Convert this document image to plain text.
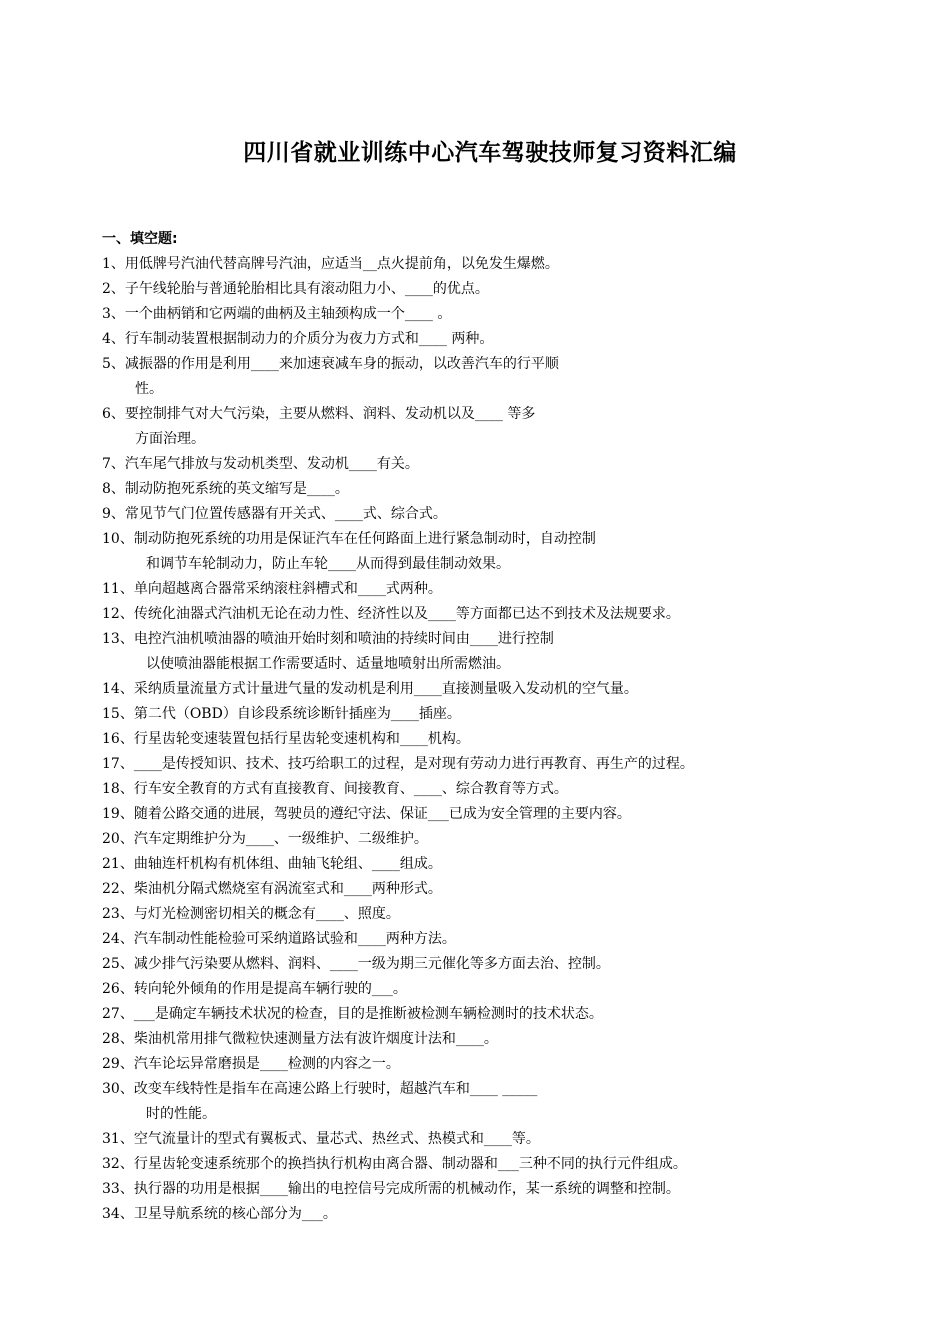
四川省就业训练中心汽车驾驶技师复习资料汇编
一、填空题:
1、用低牌号汽油代替高牌号汽油，应适当__点火提前角，以免发生爆燃。
2、子午线轮胎与普通轮胎相比具有滚动阻力小、____的优点。
3、一个曲柄销和它两端的曲柄及主轴颈构成一个____ 。
4、行车制动装置根据制动力的介质分为夜力方式和____ 两种。
5、减振器的作用是利用____来加速衰减车身的振动，以改善汽车的行平顺
性。
6、要控制排气对大气污染，主要从燃料、润料、发动机以及____ 等多
方面治理。
7、汽车尾气排放与发动机类型、发动机____有关。
8、制动防抱死系统的英文缩写是____。
9、常见节气门位置传感器有开关式、____式、综合式。
10、制动防抱死系统的功用是保证汽车在任何路面上进行紧急制动时，自动控制
和调节车轮制动力，防止车轮____从而得到最佳制动效果。
11、单向超越离合器常采纳滚柱斜槽式和____式两种。
12、传统化油器式汽油机无论在动力性、经济性以及____等方面都已达不到技术及法规要求。
13、电控汽油机喷油器的喷油开始时刻和喷油的持续时间由____进行控制
以使喷油器能根据工作需要适时、适量地喷射出所需燃油。
14、采纳质量流量方式计量进气量的发动机是利用____直接测量吸入发动机的空气量。
15、第二代（OBD）自诊段系统诊断针插座为____插座。
16、行星齿轮变速装置包括行星齿轮变速机构和____机构。
17、____是传授知识、技术、技巧给职工的过程，是对现有劳动力进行再教育、再生产的过程。
18、行车安全教育的方式有直接教育、间接教育、____、综合教育等方式。
19、随着公路交通的进展，驾驶员的遵纪守法、保证___已成为安全管理的主要内容。
20、汽车定期维护分为____、一级维护、二级维护。
21、曲轴连杆机构有机体组、曲轴飞轮组、____组成。
22、柴油机分隔式燃烧室有涡流室式和____两种形式。
23、与灯光检测密切相关的概念有____、照度。
24、汽车制动性能检验可采纳道路试验和____两种方法。
25、减少排气污染要从燃料、润料、____一级为期三元催化等多方面去治、控制。
26、转向轮外倾角的作用是提高车辆行驶的___。
27、___是确定车辆技术状况的检查，目的是推断被检测车辆检测时的技术状态。
28、柴油机常用排气微粒快速测量方法有波许烟度计法和____。
29、汽车论坛异常磨损是____检测的内容之一。
30、改变车线特性是指车在高速公路上行驶时，超越汽车和____ _____
时的性能。
31、空气流量计的型式有翼板式、量芯式、热丝式、热模式和____等。
32、行星齿轮变速系统那个的换挡执行机构由离合器、制动器和___三种不同的执行元件组成。
33、执行器的功用是根据____输出的电控信号完成所需的机械动作，某一系统的调整和控制。
34、卫星导航系统的核心部分为___。
